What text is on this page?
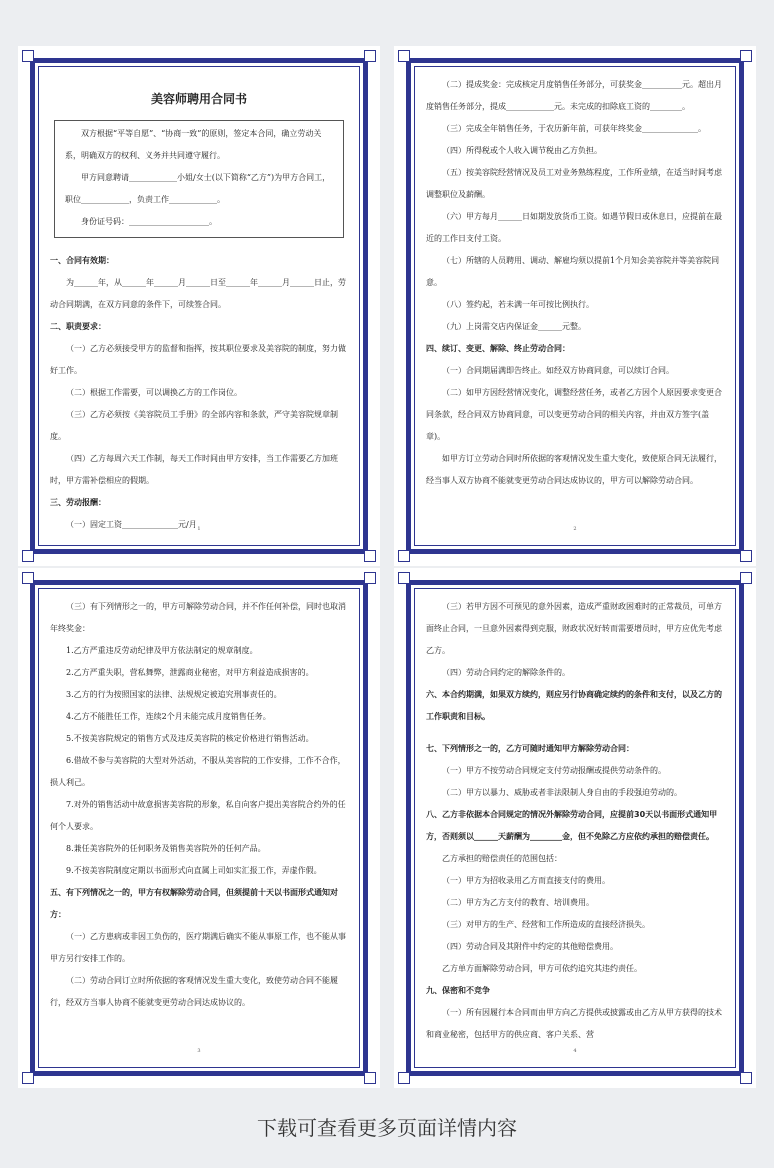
美容师聘用合同书

双方根据“平等自愿”、“协商一致”的原则，签定本合同，确立劳动关系，明确双方的权利、义务并共同遵守履行。

甲方同意聘请____________小姐/女士(以下简称“乙方”)为甲方合同工，职位____________，负责工作____________。

身份证号码：____________________。

一、合同有效期：

为______年，从______年______月______日至______年______月______日止，劳动合同期满，在双方同意的条件下，可续签合同。

二、职责要求：

（一）乙方必须接受甲方的监督和指挥，按其职位要求及美容院的制度，努力做好工作。

（二）根据工作需要，可以调换乙方的工作岗位。

（三）乙方必须按《美容院员工手册》的全部内容和条款，严守美容院规章制度。

（四）乙方每周六天工作制，每天工作时间由甲方安排，当工作需要乙方加班时，甲方需补偿相应的假期。

三、劳动报酬：

（一）固定工资______________元/月 1

（二）提成奖金：完成核定月度销售任务部分，可获奖金__________元。超出月度销售任务部分，提成____________元。未完成的扣除底工资的________。

（三）完成全年销售任务，于农历新年前，可获年终奖金______________。

（四）所得税或个人收入调节税由乙方负担。

（五）按美容院经营情况及员工对业务熟练程度，工作所业绩，在适当时间考虑调整职位及薪酬。

（六）甲方每月______日如期发放货币工资。如遇节假日或休息日，应提前在最近的工作日支付工资。

（七）所辖的人员聘用、调动、解雇均须以提前1个月知会美容院并等美容院同意。

（八）签约起，若未满一年可按比例执行。

（九）上岗需交店内保证金______元整。

四、续订、变更、解除、终止劳动合同：

（一）合同期届满即告终止。如经双方协商同意，可以续订合同。

（二）如甲方因经营情况变化，调整经营任务，或者乙方因个人原因要求变更合同条款，经合同双方协商同意，可以变更劳动合同的相关内容，并由双方签字(盖章)。

如甲方订立劳动合同时所依据的客观情况发生重大变化，致使原合同无法履行，经当事人双方协商不能就变更劳动合同达成协议的，甲方可以解除劳动合同。

2

（三）有下列情形之一的，甲方可解除劳动合同，并不作任何补偿，同时也取消年终奖金：

1.乙方严重违反劳动纪律及甲方依法制定的规章制度。

2.乙方严重失职，营私舞弊，泄露商业秘密，对甲方利益造成损害的。

3.乙方的行为按照国家的法律、法规规定被追究刑事责任的。

4.乙方不能胜任工作，连续2个月未能完成月度销售任务。

5.不按美容院规定的销售方式及违反美容院的核定价格进行销售活动。

6.借故不参与美容院的大型对外活动，不服从美容院的工作安排，工作不合作，损人利己。

7.对外的销售活动中故意损害美容院的形象，私自向客户提出美容院合约外的任何个人要求。

8.兼任美容院外的任何职务及销售美容院外的任何产品。

9.不按美容院制度定期以书面形式向直属上司如实汇报工作，弄虚作假。

五、有下列情况之一的，甲方有权解除劳动合同，但须提前十天以书面形式通知对方：

（一）乙方患病或非因工负伤的，医疗期满后确实不能从事原工作，也不能从事甲方另行安排工作的。

（二）劳动合同订立时所依据的客观情况发生重大变化，致使劳动合同不能履行，经双方当事人协商不能就变更劳动合同达成协议的。

3

（三）若甲方因不可预见的意外因素，造成严重财政困难时的正常裁员，可单方面终止合同，一旦意外因素得到克服，财政状况好转而需要增员时，甲方应优先考虑乙方。

（四）劳动合同约定的解除条件的。

六、本合约期满，如果双方续约，则应另行协商确定续约的条件和支付，以及乙方的工作职责和目标。

七、下列情形之一的，乙方可随时通知甲方解除劳动合同：

（一）甲方不按劳动合同规定支付劳动报酬或提供劳动条件的。

（二）甲方以暴力、威胁或者非法限制人身自由的手段强迫劳动的。

八、乙方非依据本合同规定的情况外解除劳动合同，应提前30天以书面形式通知甲方，否则须以______天薪酬为________金，但不免除乙方应依约承担的赔偿责任。

乙方承担的赔偿责任的范围包括：

（一）甲方为招收录用乙方而直接支付的费用。

（二）甲方为乙方支付的教育、培训费用。

（三）对甲方的生产、经营和工作所造成的直接经济损失。

（四）劳动合同及其附件中约定的其他赔偿费用。

乙方单方面解除劳动合同，甲方可依约追究其违约责任。

九、保密和不竞争

（一）所有因履行本合同而由甲方向乙方提供或披露或由乙方从甲方获得的技术和商业秘密，包括甲方的供应商、客户关系、营

4
下载可查看更多页面详情内容
